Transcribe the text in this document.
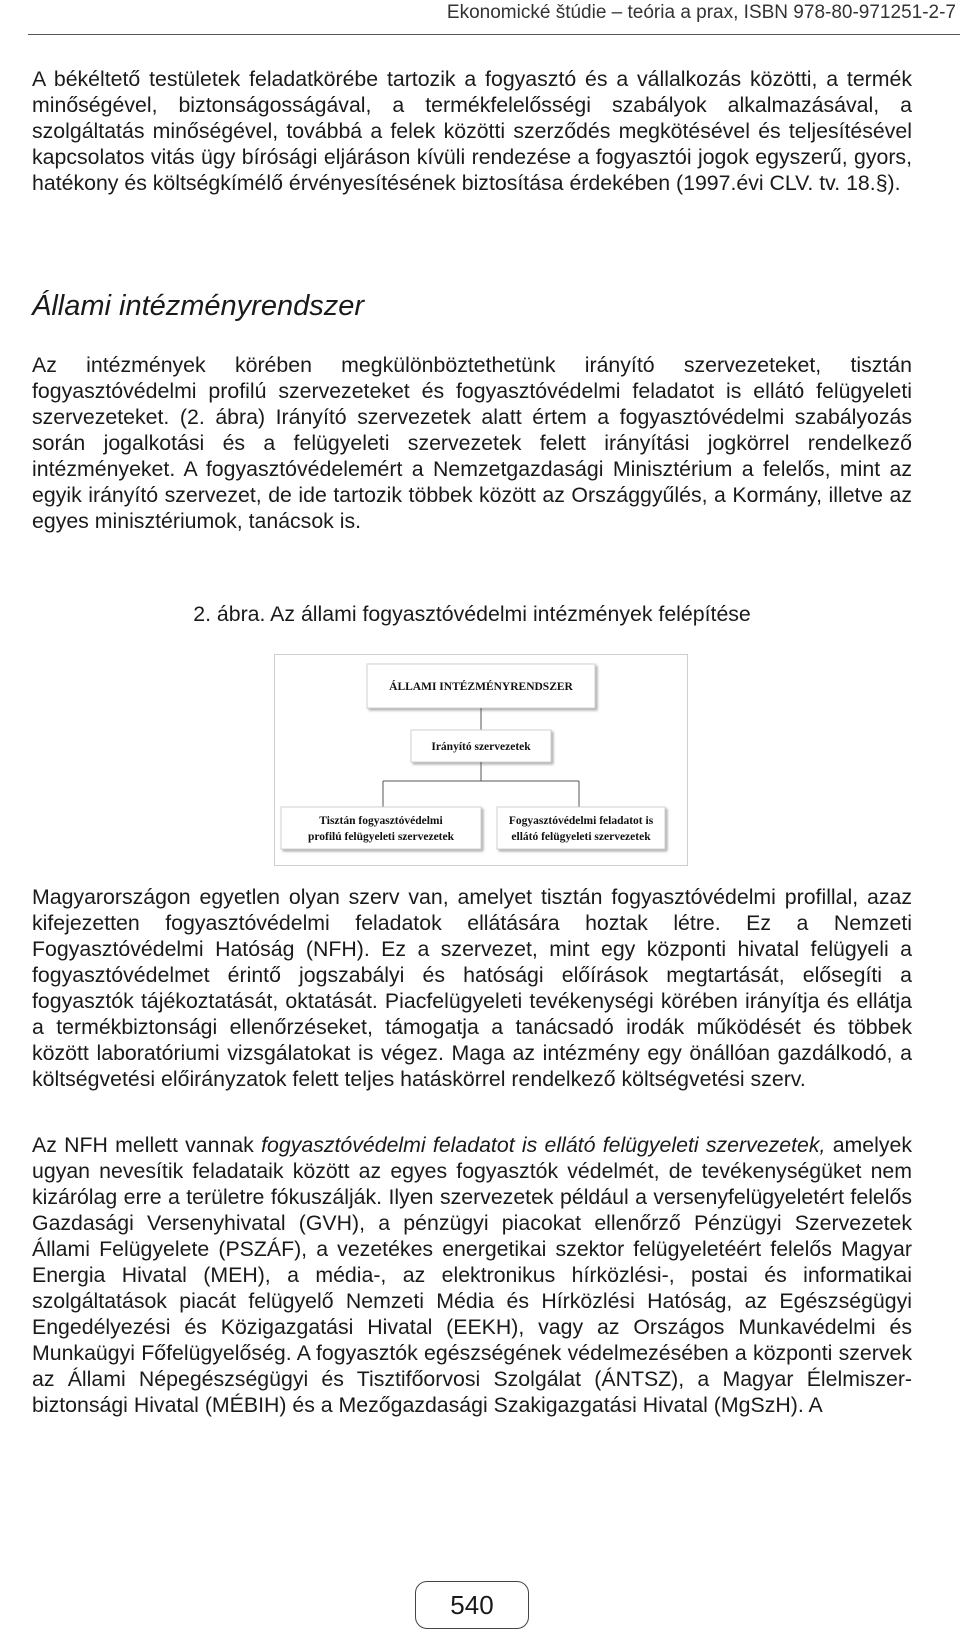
Ekonomické štúdie – teória a prax, ISBN 978-80-971251-2-7

A békéltető testületek feladatkörébe tartozik a fogyasztó és a vállalkozás közötti, a termék minőségével, biztonságosságával, a termékfelelősségi szabályok alkalmazásával, a szolgáltatás minőségével, továbbá a felek közötti szerződés megkötésével és teljesítésével kapcsolatos vitás ügy bírósági eljáráson kívüli rendezése a fogyasztói jogok egyszerű, gyors, hatékony és költségkímélő érvényesítésének biztosítása érdekében (1997.évi CLV. tv. 18.§).

Állami intézményrendszer

Az intézmények körében megkülönböztethetünk irányító szervezeteket, tisztán fogyasztóvédelmi profilú szervezeteket és fogyasztóvédelmi feladatot is ellátó felügyeleti szervezeteket. (2. ábra) Irányító szervezetek alatt értem a fogyasztóvédelmi szabályozás során jogalkotási és a felügyeleti szervezetek felett irányítási jogkörrel rendelkező intézményeket. A fogyasztóvédelemért a Nemzetgazdasági Minisztérium a felelős, mint az egyik irányító szervezet, de ide tartozik többek között az Országgyűlés, a Kormány, illetve az egyes minisztériumok, tanácsok is.

2. ábra. Az állami fogyasztóvédelmi intézmények felépítése

ÁLLAMI INTÉZMÉNYRENDSZER
Irányító szervezetek
Tisztán fogyasztóvédelmi
profilú felügyeleti szervezetek
Fogyasztóvédelmi feladatot is
ellátó felügyeleti szervezetek

Magyarországon egyetlen olyan szerv van, amelyet tisztán fogyasztóvédelmi profillal, azaz kifejezetten fogyasztóvédelmi feladatok ellátására hoztak létre. Ez a Nemzeti Fogyasztóvédelmi Hatóság (NFH). Ez a szervezet, mint egy központi hivatal felügyeli a fogyasztóvédelmet érintő jogszabályi és hatósági előírások megtartását, elősegíti a fogyasztók tájékoztatását, oktatását. Piacfelügyeleti tevékenységi körében irányítja és ellátja a termékbiztonsági ellenőrzéseket, támogatja a tanácsadó irodák működését és többek között laboratóriumi vizsgálatokat is végez. Maga az intézmény egy önállóan gazdálkodó, a költségvetési előirányzatok felett teljes hatáskörrel rendelkező költségvetési szerv.

Az NFH mellett vannak fogyasztóvédelmi feladatot is ellátó felügyeleti szervezetek, amelyek ugyan nevesítik feladataik között az egyes fogyasztók védelmét, de tevékenységüket nem kizárólag erre a területre fókuszálják. Ilyen szervezetek például a versenyfelügyeletért felelős Gazdasági Versenyhivatal (GVH), a pénzügyi piacokat ellenőrző Pénzügyi Szervezetek Állami Felügyelete (PSZÁF), a vezetékes energetikai szektor felügyeletéért felelős Magyar Energia Hivatal (MEH), a média-, az elektronikus hírközlési-, postai és informatikai szolgáltatások piacát felügyelő Nemzeti Média és Hírközlési Hatóság, az Egészségügyi Engedélyezési és Közigazgatási Hivatal (EEKH), vagy az Országos Munkavédelmi és Munkaügyi Főfelügyelőség. A fogyasztók egészségének védelmezésében a központi szervek az Állami Népegészségügyi és Tisztifőorvosi Szolgálat (ÁNTSZ), a Magyar Élelmiszer-biztonsági Hivatal (MÉBIH) és a Mezőgazdasági Szakigazgatási Hivatal (MgSzH). A

540
